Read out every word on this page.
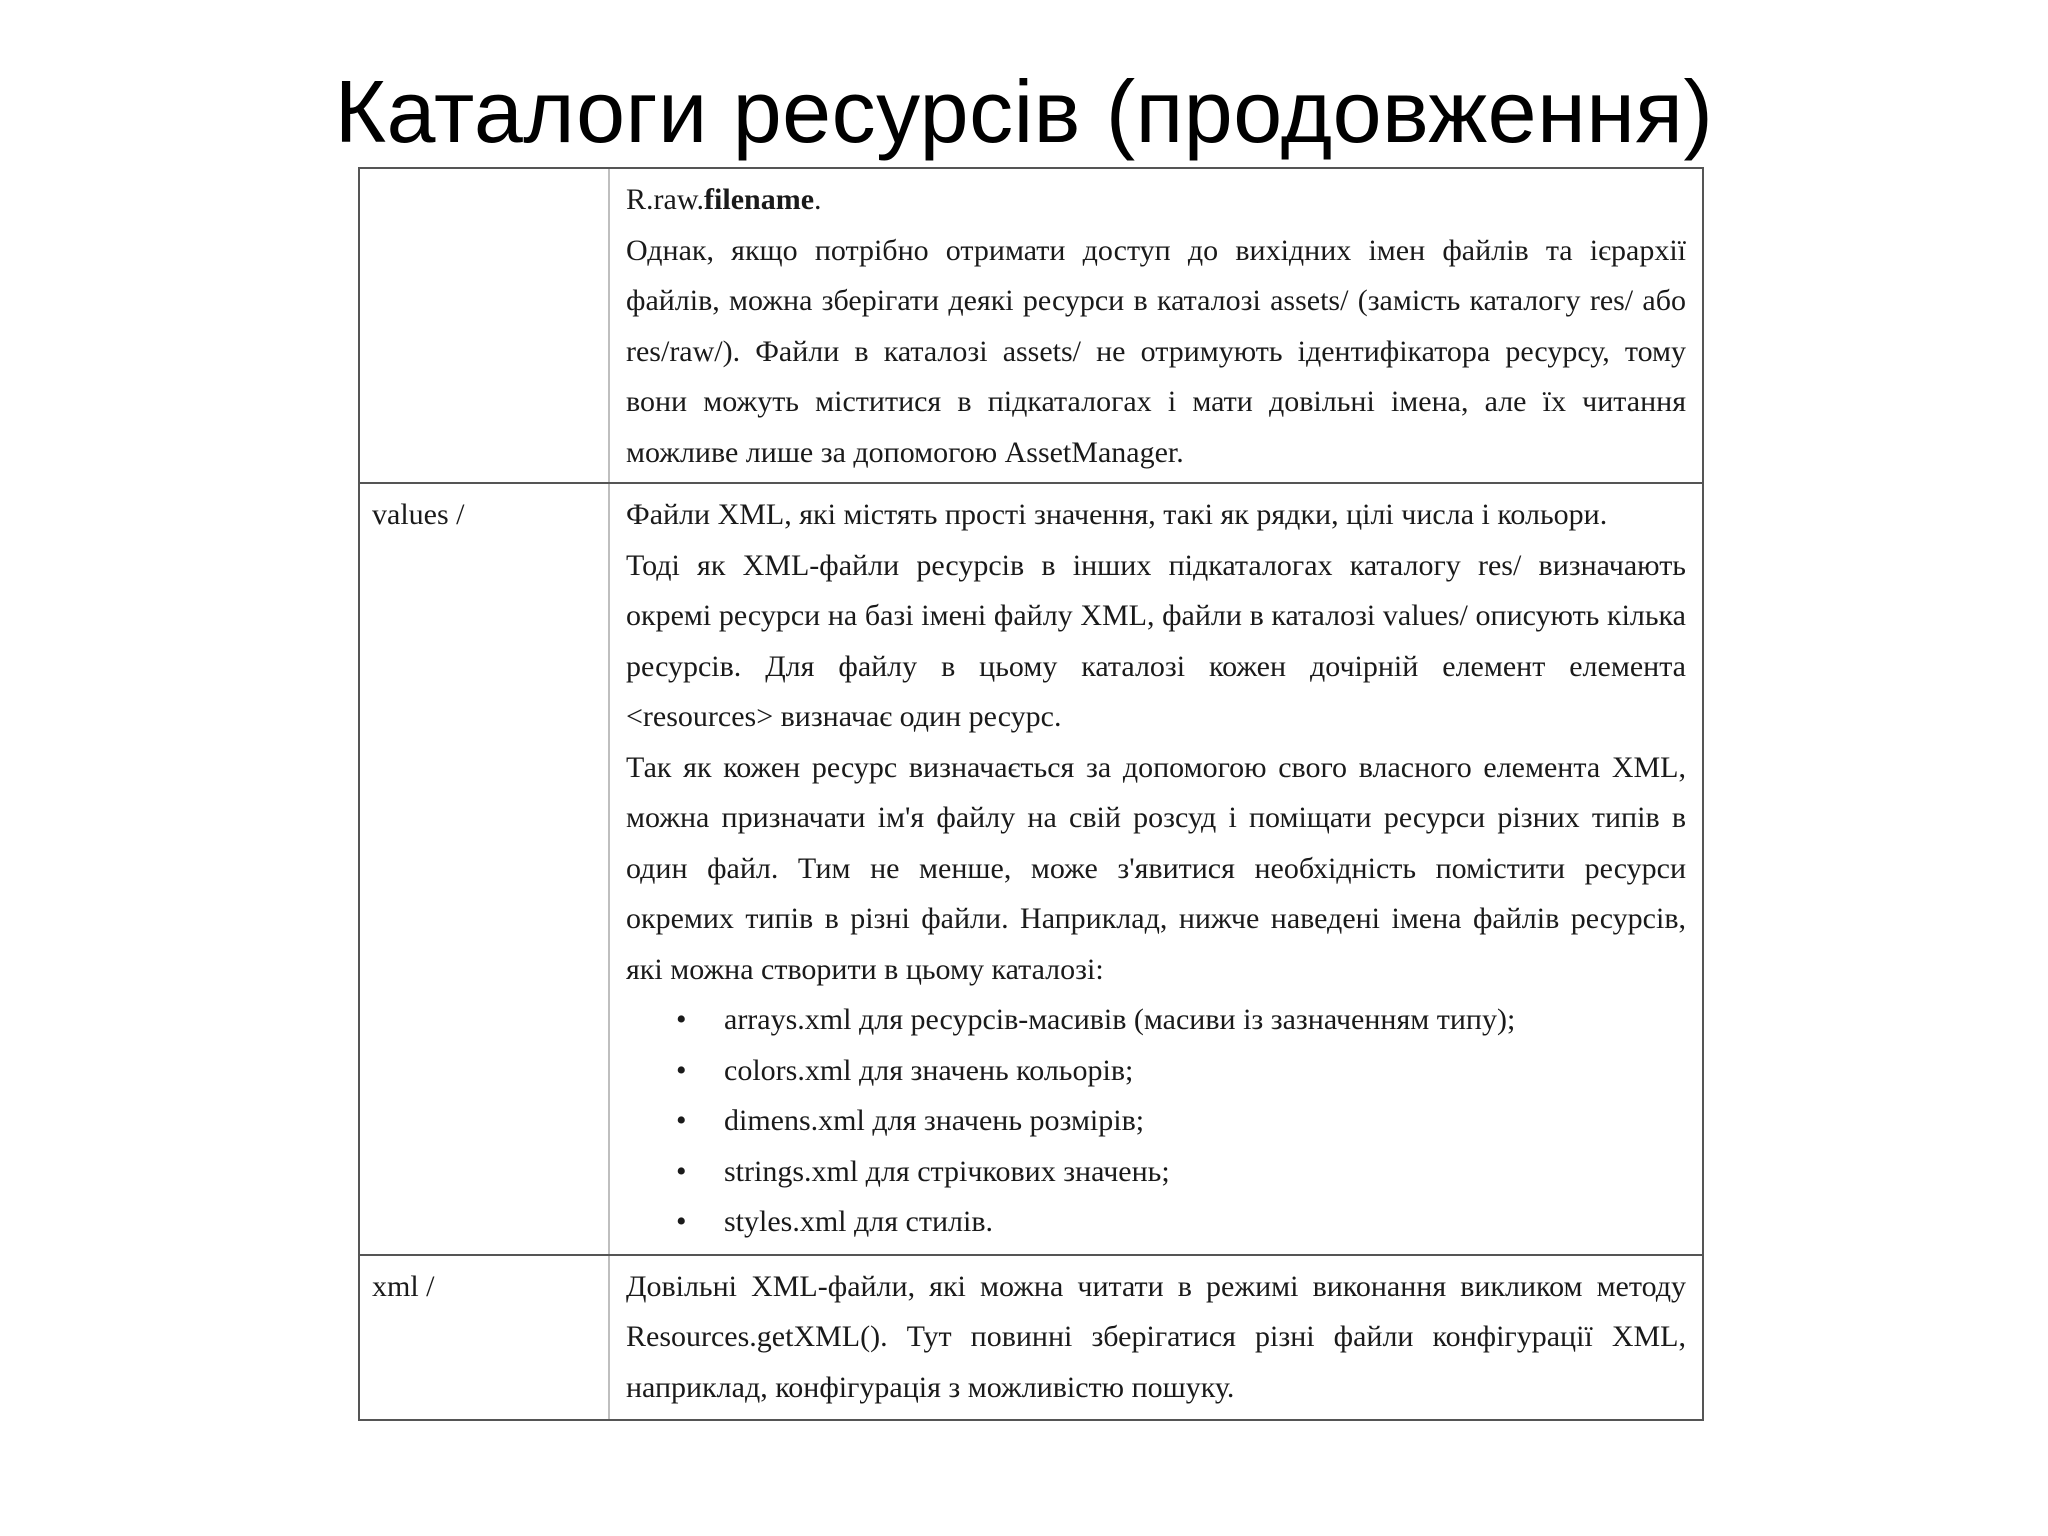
Каталоги ресурсів (продовження)

R.raw.filename.

Однак, якщо потрібно отримати доступ до вихідних імен файлів та ієрархії файлів, можна зберігати деякі ресурси в каталозі assets/ (замість каталогу res/ або res/raw/). Файли в каталозі assets/ не отримують ідентифікатора ресурсу, тому вони можуть міститися в підкаталогах і мати довільні імена, але їх читання можливе лише за допомогою AssetManager.

values /	Файли XML, які містять прості значення, такі як рядки, цілі числа і кольори.

Тоді як XML-файли ресурсів в інших підкаталогах каталогу res/ визначають окремі ресурси на базі імені файлу XML, файли в каталозі values/ описують кілька ресурсів. Для файлу в цьому каталозі кожен дочірній елемент елемента <resources> визначає один ресурс.

Так як кожен ресурс визначається за допомогою свого власного елемента XML, можна призначати ім'я файлу на свій розсуд і поміщати ресурси різних типів в один файл. Тим не менше, може з'явитися необхідність помістити ресурси окремих типів в різні файли. Наприклад, нижче наведені імена файлів ресурсів, які можна створити в цьому каталозі:

• arrays.xml для ресурсів-масивів (масиви із зазначенням типу);
• colors.xml для значень кольорів;
• dimens.xml для значень розмірів;
• strings.xml для стрічкових значень;
• styles.xml для стилів.
xml /	Довільні XML-файли, які можна читати в режимі виконання викликом методу Resources.getXML(). Тут повинні зберігатися різні файли конфігурації XML, наприклад, конфігурація з можливістю пошуку.
